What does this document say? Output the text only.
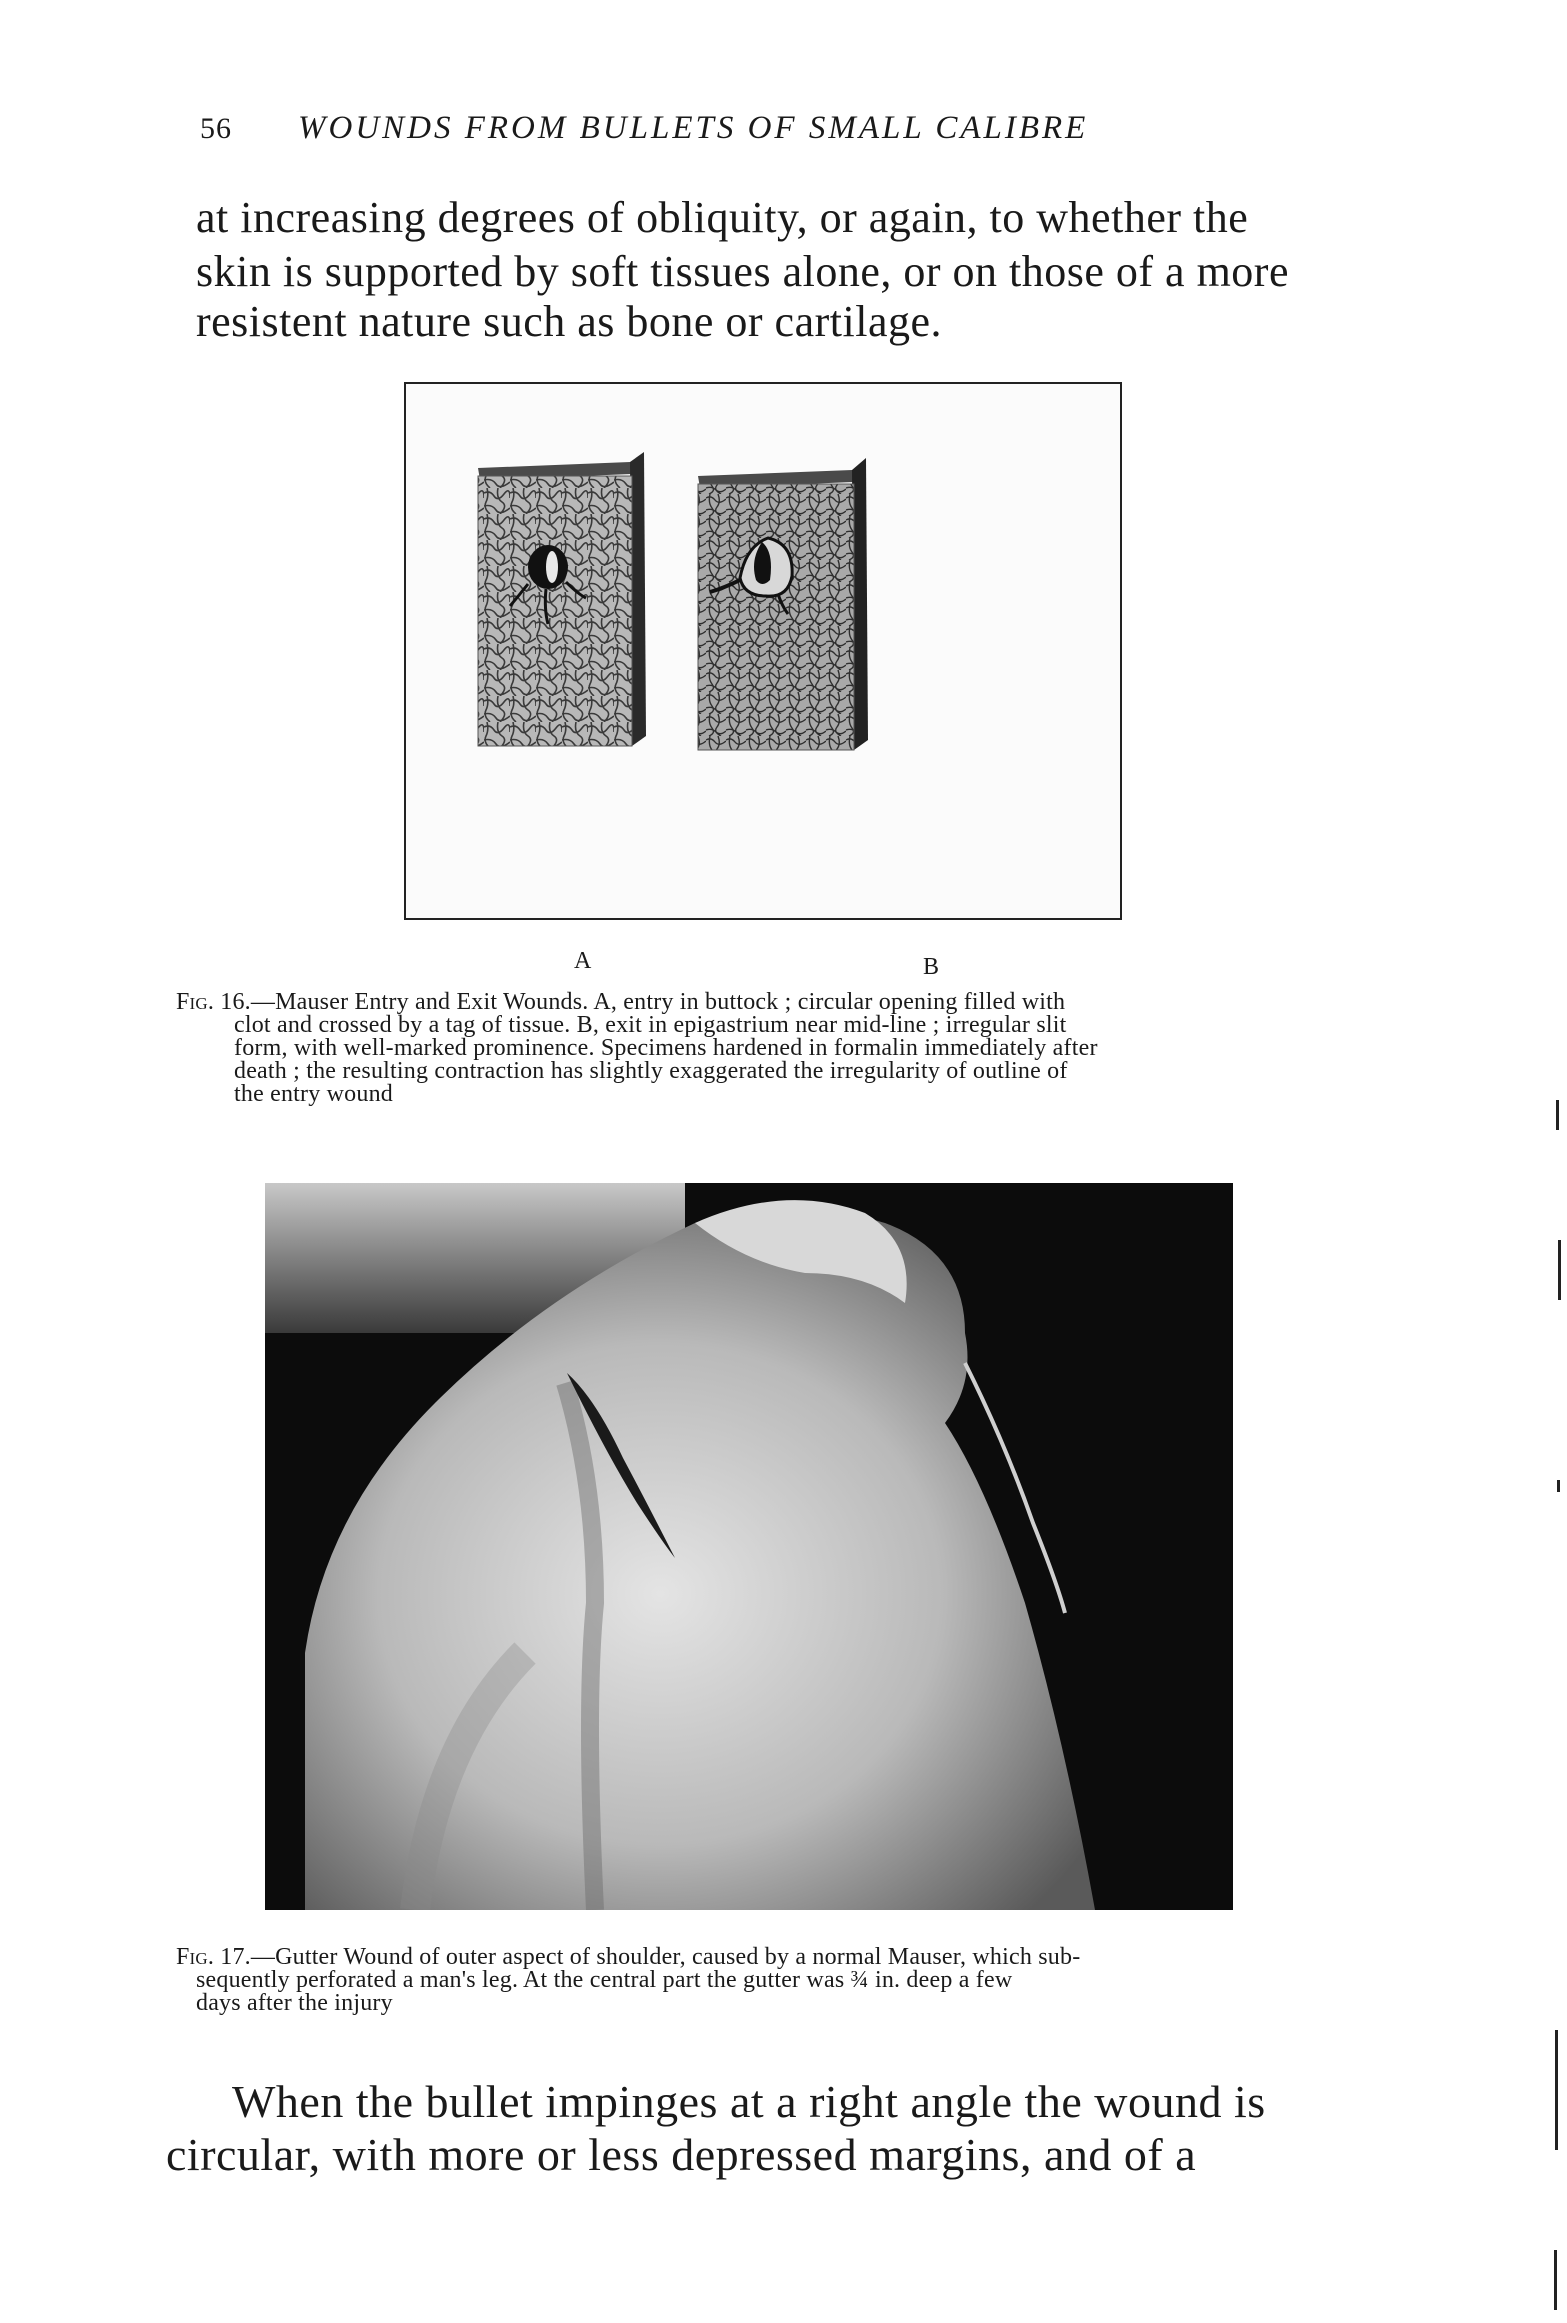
56 WOUNDS FROM BULLETS OF SMALL CALIBRE
at increasing degrees of obliquity, or again, to whether the
skin is supported by soft tissues alone, or on those of a more
resistent nature such as bone or cartilage.
A	B
Fig. 16.—Mauser Entry and Exit Wounds. A, entry in buttock ; circular opening filled with
clot and crossed by a tag of tissue. B, exit in epigastrium near mid-line ; irregular slit
form, with well-marked prominence. Specimens hardened in formalin immediately after
death ; the resulting contraction has slightly exaggerated the irregularity of outline of
the entry wound
Fig. 17.—Gutter Wound of outer aspect of shoulder, caused by a normal Mauser, which sub-
sequently perforated a man's leg. At the central part the gutter was ¾ in. deep a few
days after the injury
When the bullet impinges at a right angle the wound is
circular, with more or less depressed margins, and of a
